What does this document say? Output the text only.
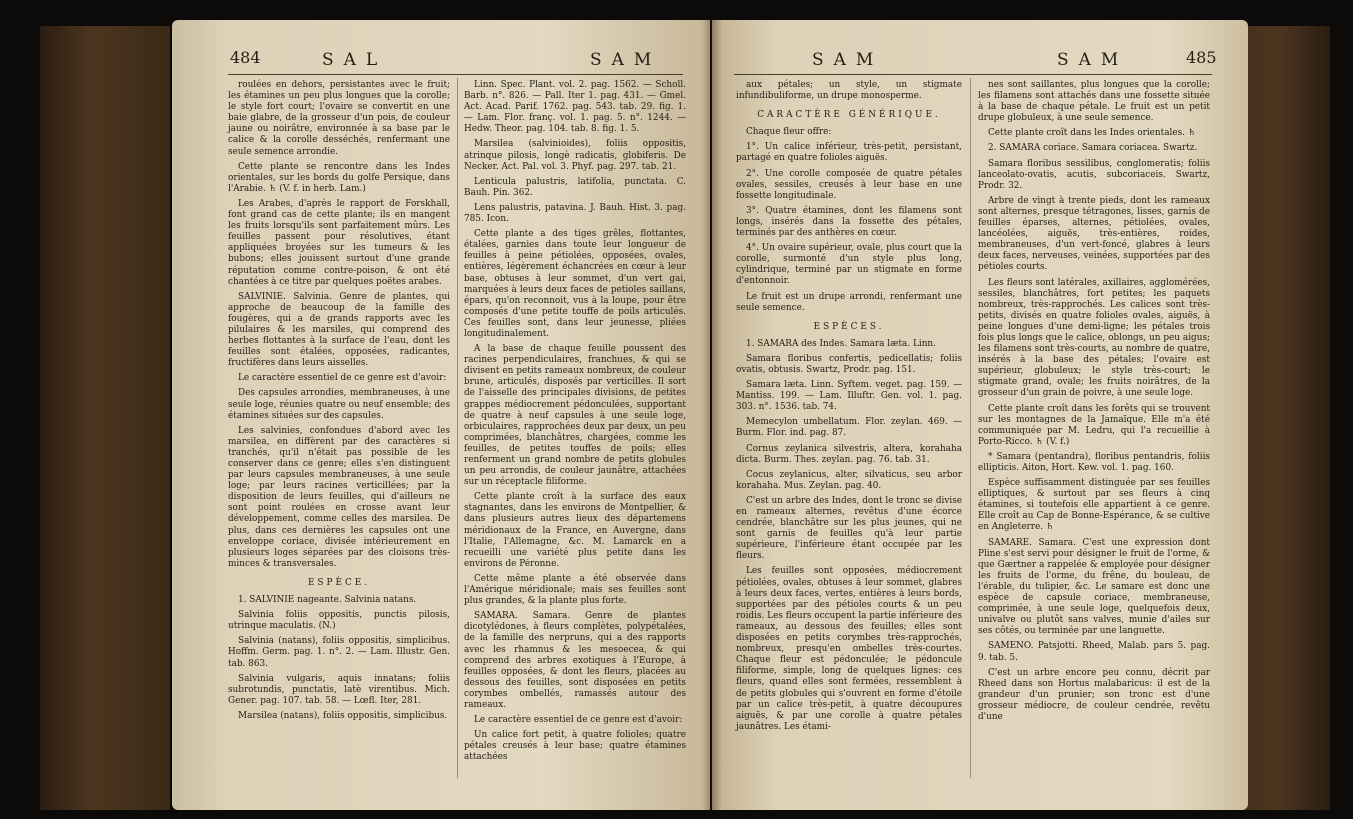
484	SAL	SAM

roulées en dehors, persistantes avec le fruit; les étamines un peu plus longues que la corolle; le style fort court; l'ovaire se convertit en une baie glabre, de la grosseur d'un pois, de couleur jaune ou noirâtre, environnée à sa base par le calice & la corolle desséchés, renfermant une seule semence arrondie.

Cette plante se rencontre dans les Indes orientales, sur les bords du golfe Persique, dans l'Arabie. ♄ (V. f. in herb. Lam.)

Les Arabes, d'après le rapport de Forskhall, font grand cas de cette plante; ils en mangent les fruits lorsqu'ils sont parfaitement mûrs. Les feuilles passent pour résolutives, étant appliquées broyées sur les tumeurs & les bubons; elles jouissent surtout d'une grande réputation comme contre-poison, & ont été chantées à ce titre par quelques poëtes arabes.

SALVINIE. Salvinia. Genre de plantes, qui approche de beaucoup de la famille des fougères, qui a de grands rapports avec les pilulaires & les marsiles, qui comprend des herbes flottantes à la surface de l'eau, dont les feuilles sont étalées, opposées, radicantes, fructifères dans leurs aisselles.

Le caractère essentiel de ce genre est d'avoir:

Des capsules arrondies, membraneuses, à une seule loge, réunies quatre ou neuf ensemble; des étamines situées sur des capsules.

Les salvinies, confondues d'abord avec les marsilea, en diffèrent par des caractères si tranchés, qu'il n'était pas possible de les conserver dans ce genre; elles s'en distinguent par leurs capsules membraneuses, à une seule loge; par leurs racines verticillées; par la disposition de leurs feuilles, qui d'ailleurs ne sont point roulées en crosse avant leur développement, comme celles des marsilea. De plus, dans ces dernières les capsules ont une enveloppe coriace, divisée intérieurement en plusieurs loges séparées par des cloisons très-minces & transversales.

ESPÈCE.

1. SALVINIE nageante. Salvinia natans.

Salvinia foliis oppositis, punctis pilosis, utrinque maculatis. (N.)

Salvinia (natans), foliis oppositis, simplicibus. Hoffm. Germ. pag. 1. n°. 2. — Lam. Illustr. Gen. tab. 863.

Salvinia vulgaris, aquis innatans; foliis subrotundis, punctatis, latè virentibus. Mich. Gener. pag. 107. tab. 58. — Lœfl. Iter, 281.

Marsilea (natans), foliis oppositis, simplicibus.

Linn. Spec. Plant. vol. 2. pag. 1562. — Scholl. Barb. n°. 826. — Pall. Iter 1. pag. 431. — Gmel. Act. Acad. Parif. 1762. pag. 543. tab. 29. fig. 1. — Lam. Flor. franç. vol. 1. pag. 5. n°. 1244. — Hedw. Theor. pag. 104. tab. 8. fig. 1. 5.

Marsilea (salvinioides), foliis oppositis, atrinque pilosis, longè radicatis, globiferis. De Necker. Act. Pal. vol. 3. Phyf. pag. 297. tab. 21.

Lenticula palustris, latifolia, punctata. C. Bauh. Pin. 362.

Lens palustris, patavina. J. Bauh. Hist. 3. pag. 785. Icon.

Cette plante a des tiges grêles, flottantes, étalées, garnies dans toute leur longueur de feuilles à peine pétiolées, opposées, ovales, entières, légèrement échancrées en cœur à leur base, obtuses à leur sommet, d'un vert gai, marquées à leurs deux faces de petioles saillans, épars, qu'on reconnoit, vus à la loupe, pour être composés d'une petite touffe de poils articulés. Ces feuilles sont, dans leur jeunesse, pliées longitudinalement.

A la base de chaque feuille poussent des racines perpendiculaires, franchues, & qui se divisent en petits rameaux nombreux, de couleur brune, articulés, disposés par verticilles. Il sort de l'aisselle des principales divisions, de petites grappes médiocrement pédonculées, supportant de quatre à neuf capsules à une seule loge, orbiculaires, rapprochées deux par deux, un peu comprimées, blanchâtres, chargées, comme les feuilles, de petites touffes de poils; elles renferment un grand nombre de petits globules un peu arrondis, de couleur jaunâtre, attachées sur un réceptacle filiforme.

Cette plante croît à la surface des eaux stagnantes, dans les environs de Montpellier, & dans plusieurs autres lieux des départemens méridionaux de la France, en Auvergne, dans l'Italie, l'Allemagne, &c. M. Lamarck en a recueilli une variété plus petite dans les environs de Péronne.

Cette même plante a été observée dans l'Amérique méridionale; mais ses feuilles sont plus grandes, & la plante plus forte.

SAMARA. Samara. Genre de plantes dicotylédones, à fleurs complètes, polypétalées, de la famille des nerpruns, qui a des rapports avec les rhamnus & les mesoecea, & qui comprend des arbres exotiques à l'Europe, à feuilles opposées, & dont les fleurs, placées au dessous des feuilles, sont disposées en petits corymbes ombellés, ramassés autour des rameaux.

Le caractère essentiel de ce genre est d'avoir:

Un calice fort petit, à quatre folioles; quatre pétales creusés à leur base; quatre étamines attachées

SAM	SAM	485

aux pétales; un style, un stigmate infundibuliforme, un drupe monosperme.

CARACTÈRE GÉNÉRIQUE.

Chaque fleur offre:

1°. Un calice inférieur, très-petit, persistant, partagé en quatre folioles aiguës.

2°. Une corolle composée de quatre pétales ovales, sessiles, creusés à leur base en une fossette longitudinale.

3°. Quatre étamines, dont les filamens sont longs, insérés dans la fossette des pétales, terminés par des anthères en cœur.

4°. Un ovaire supérieur, ovale, plus court que la corolle, surmonté d'un style plus long, cylindrique, terminé par un stigmate en forme d'entonnoir.

Le fruit est un drupe arrondi, renfermant une seule semence.

ESPÈCES.

1. SAMARA des Indes. Samara læta. Linn.

Samara floribus confertis, pedicellatis; foliis ovatis, obtusis. Swartz, Prodr. pag. 151.

Samara læta. Linn. Syftem. veget. pag. 159. — Mantiss. 199. — Lam. Illuftr. Gen. vol. 1. pag. 303. n°. 1536. tab. 74.

Memecylon umbellatum. Flor. zeylan. 469. — Burm. Flor. ind. pag. 87.

Cornus zeylanica silvestris, altera, korahaha dicta. Burm. Thes. zeylan. pag. 76. tab. 31.

Cocus zeylanicus, alter, silvaticus, seu arbor korahaha. Mus. Zeylan. pag. 40.

C'est un arbre des Indes, dont le tronc se divise en rameaux alternes, revêtus d'une écorce cendrée, blanchâtre sur les plus jeunes, qui ne sont garnis de feuilles qu'à leur partie supérieure, l'inférieure étant occupée par les fleurs.

Les feuilles sont opposées, médiocrement pétiolées, ovales, obtuses à leur sommet, glabres à leurs deux faces, vertes, entières à leurs bords, supportées par des pétioles courts & un peu roidis. Les fleurs occupent la partie inférieure des rameaux, au dessous des feuilles; elles sont disposées en petits corymbes très-rapprochés, nombreux, presqu'en ombelles très-courtes. Chaque fleur est pédonculée; le pédoncule filiforme, simple, long de quelques lignes: ces fleurs, quand elles sont fermées, ressemblent à de petits globules qui s'ouvrent en forme d'étoile par un calice très-petit, à quatre découpures aiguës, & par une corolle à quatre pétales jaunâtres. Les étami-

nes sont saillantes, plus longues que la corolle; les filamens sont attachés dans une fossette située à la base de chaque pétale. Le fruit est un petit drupe globuleux, à une seule semence.

Cette plante croît dans les Indes orientales. ♄

2. SAMARA coriace. Samara coriacea. Swartz.

Samara floribus sessilibus, conglomeratis; foliis lanceolato-ovatis, acutis, subcoriaceis. Swartz, Prodr. 32.

Arbre de vingt à trente pieds, dont les rameaux sont alternes, presque tétragones, lisses, garnis de feuilles éparses, alternes, pétiolées, ovales, lancéolées, aiguës, très-entières, roides, membraneuses, d'un vert-foncé, glabres à leurs deux faces, nerveuses, veinées, supportées par des pétioles courts.

Les fleurs sont latérales, axillaires, agglomérées, sessiles, blanchâtres, fort petites; les paquets nombreux, très-rapprochés. Les calices sont très-petits, divisés en quatre folioles ovales, aiguës, à peine longues d'une demi-ligne; les pétales trois fois plus longs que le calice, oblongs, un peu aigus; les filamens sont très-courts, au nombre de quatre, insérés à la base des pétales; l'ovaire est supérieur, globuleux; le style très-court; le stigmate grand, ovale; les fruits noirâtres, de la grosseur d'un grain de poivre, à une seule loge.

Cette plante croît dans les forêts qui se trouvent sur les montagnes de la Jamaïque. Elle m'a été communiquée par M. Ledru, qui l'a recueillie à Porto-Ricco. ♄ (V. f.)

* Samara (pentandra), floribus pentandris, foliis ellipticis. Aiton, Hort. Kew. vol. 1. pag. 160.

Espèce suffisamment distinguée par ses feuilles elliptiques, & surtout par ses fleurs à cinq étamines, si toutefois elle appartient à ce genre. Elle croît au Cap de Bonne-Espérance, & se cultive en Angleterre. ♄

SAMARE. Samara. C'est une expression dont Pline s'est servi pour désigner le fruit de l'orme, & que Gærtner a rappelée & employée pour désigner les fruits de l'orme, du frêne, du bouleau, de l'érable, du tulipier, &c. Le samare est donc une espèce de capsule coriace, membraneuse, comprimée, à une seule loge, quelquefois deux, univalve ou plutôt sans valves, munie d'ailes sur ses côtés, ou terminée par une languette.

SAMENO. Patsjotti. Rheed, Malab. pars 5. pag. 9. tab. 5.

C'est un arbre encore peu connu, décrit par Rheed dans son Hortus malabaricus: il est de la grandeur d'un prunier; son tronc est d'une grosseur médiocre, de couleur cendrée, revêtu d'une
